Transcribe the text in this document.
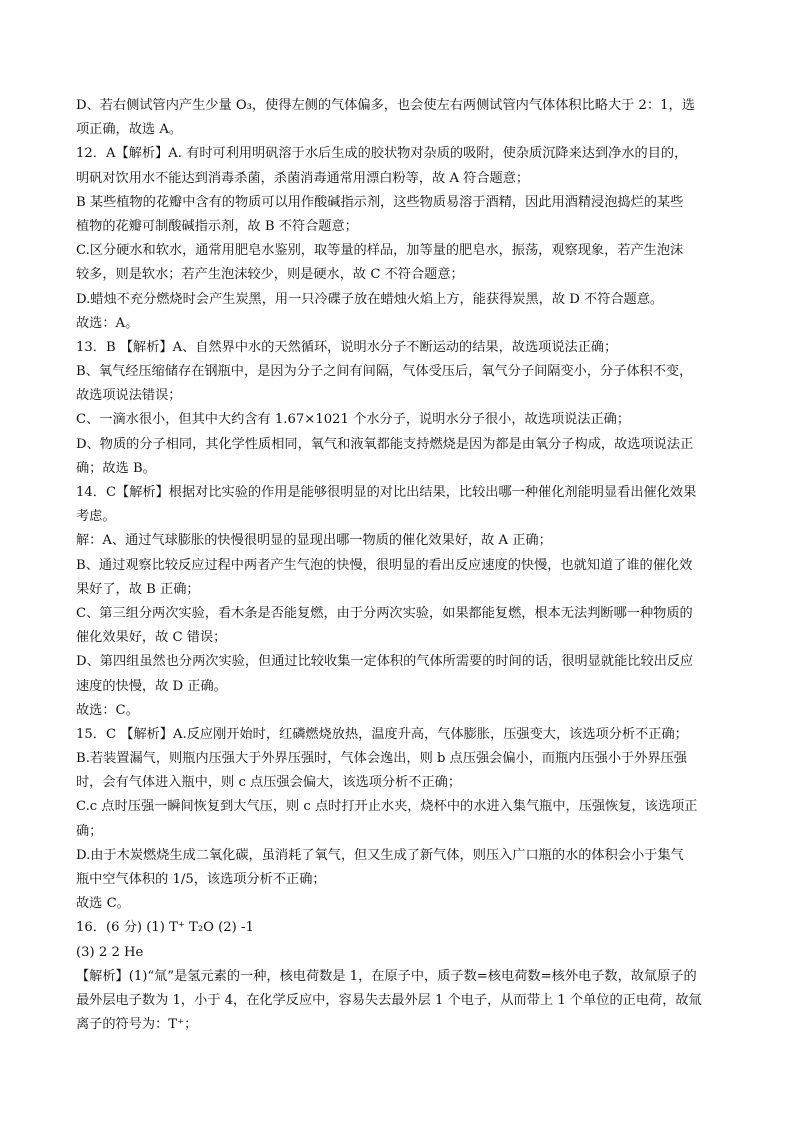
D、若右侧试管内产生少量 O₃，使得左侧的气体偏多，也会使左右两侧试管内气体体积比略大于 2：1，选
项正确，故选 A。
12．A【解析】A. 有时可利用明矾溶于水后生成的胶状物对杂质的吸附，使杂质沉降来达到净水的目的，
明矾对饮用水不能达到消毒杀菌，杀菌消毒通常用漂白粉等，故 A 符合题意；
B 某些植物的花瓣中含有的物质可以用作酸碱指示剂，这些物质易溶于酒精，因此用酒精浸泡捣烂的某些
植物的花瓣可制酸碱指示剂，故 B 不符合题意；
C.区分硬水和软水，通常用肥皂水鉴别，取等量的样品，加等量的肥皂水，振荡，观察现象，若产生泡沫
较多，则是软水；若产生泡沫较少，则是硬水，故 C 不符合题意；
D.蜡烛不充分燃烧时会产生炭黑，用一只冷碟子放在蜡烛火焰上方，能获得炭黑，故 D 不符合题意。
故选：A。
13．B 【解析】A、自然界中水的天然循环，说明水分子不断运动的结果，故选项说法正确；
B、氧气经压缩储存在钢瓶中，是因为分子之间有间隔，气体受压后，氧气分子间隔变小，分子体积不变，
故选项说法错误；
C、一滴水很小，但其中大约含有 1.67×1021 个水分子，说明水分子很小，故选项说法正确；
D、物质的分子相同，其化学性质相同，氧气和液氧都能支持燃烧是因为都是由氧分子构成，故选项说法正
确；故选 B。
14．C【解析】根据对比实验的作用是能够很明显的对比出结果，比较出哪一种催化剂能明显看出催化效果
考虑。
解：A、通过气球膨胀的快慢很明显的显现出哪一物质的催化效果好，故 A 正确；
B、通过观察比较反应过程中两者产生气泡的快慢，很明显的看出反应速度的快慢，也就知道了谁的催化效
果好了，故 B 正确；
C、第三组分两次实验，看木条是否能复燃，由于分两次实验，如果都能复燃，根本无法判断哪一种物质的
催化效果好，故 C 错误；
D、第四组虽然也分两次实验，但通过比较收集一定体积的气体所需要的时间的话，很明显就能比较出反应
速度的快慢，故 D 正确。
故选：C。
15．C 【解析】A.反应刚开始时，红磷燃烧放热，温度升高，气体膨胀，压强变大，该选项分析不正确；
B.若装置漏气，则瓶内压强大于外界压强时，气体会逸出，则 b 点压强会偏小，而瓶内压强小于外界压强
时，会有气体进入瓶中，则 c 点压强会偏大，该选项分析不正确；
C.c 点时压强一瞬间恢复到大气压，则 c 点时打开止水夹，烧杯中的水进入集气瓶中，压强恢复，该选项正
确；
D.由于木炭燃烧生成二氧化碳，虽消耗了氧气，但又生成了新气体，则压入广口瓶的水的体积会小于集气
瓶中空气体积的 1/5，该选项分析不正确；
故选 C。
16．(6 分) (1) T⁺ T₂O (2) -1
(3) 2 2 He
【解析】(1)“氚”是氢元素的一种，核电荷数是 1，在原子中，质子数=核电荷数=核外电子数，故氚原子的
最外层电子数为 1，小于 4，在化学反应中，容易失去最外层 1 个电子，从而带上 1 个单位的正电荷，故氚
离子的符号为：T⁺；
